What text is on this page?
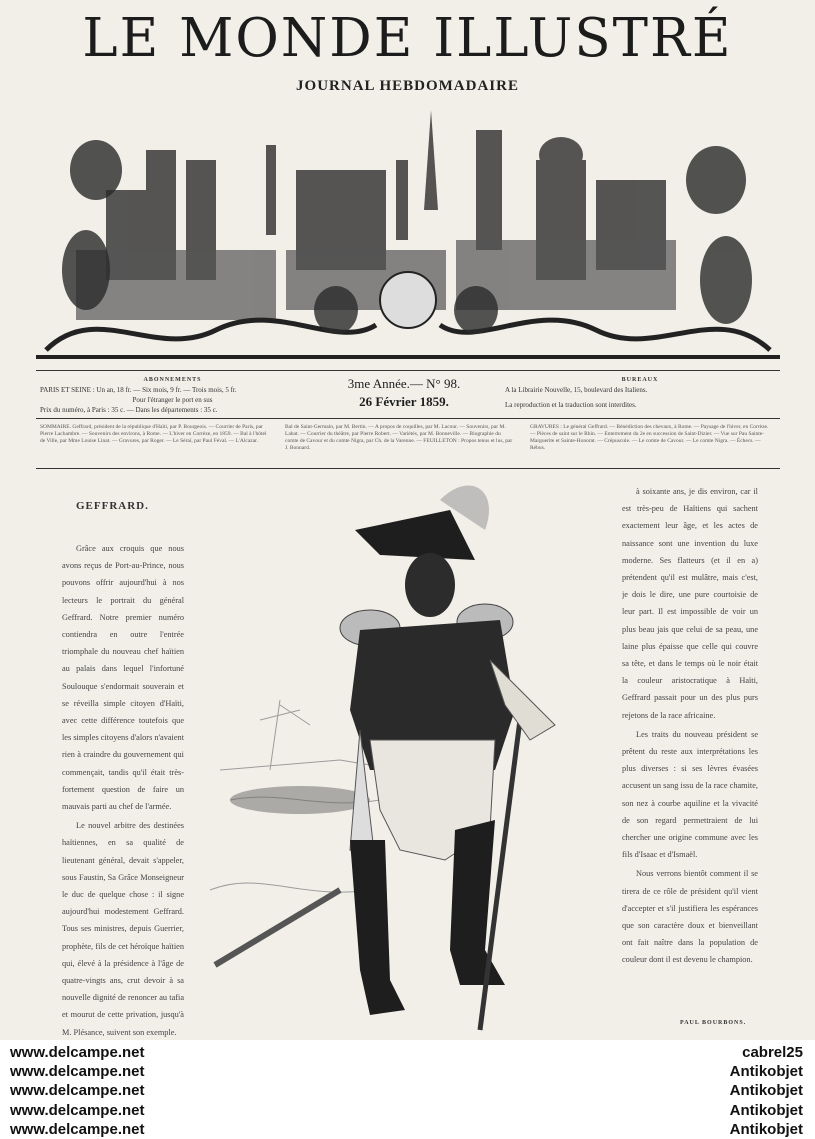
LE MONDE ILLUSTRÉ
JOURNAL HEBDOMADAIRE
ABONNEMENTS
PARIS ET SEINE : Un an, 18 fr. — Six mois, 9 fr. — Trois mois, 5 fr.
Pour l'étranger le port en sus
Prix du numéro, à Paris : 35 c. — Dans les départements : 35 c.
3me Année.— N° 98.
26 Février 1859.
BUREAUX
A la Librairie Nouvelle, 15, boulevard des Italiens.
La reproduction et la traduction sont interdites.
SOMMAIRE. Geffrard, président de la république d'Haïti, par P. Bourgeois. — Courrier de Paris, par Pierre Lachambre. — Souvenirs des environs, à Rome. — L'hiver en Corrèze, en 1859. — Bal à l'hôtel de Ville, par Mme Louise Linat. — Gravures, par Roger. — Le Séraï, par Paul Féval. — L'Alcazar.
Bal de Saint-Germain, par M. Bertin. — A propos de coquilles, par M. Lacour. — Souvenirs, par M. Labat. — Courrier du théâtre, par Pierre Robert. — Variétés, par M. Bonneville. — Biographie du comte de Cavour et du comte Nigra, par Ch. de la Varenne. — FEUILLETON : Propos tenus et lus, par J. Bonnard.
GRAVURES : Le général Geffrard. — Bénédiction des chevaux, à Rome. — Paysage de l'hiver, en Corrèze. — Pièces de saint sur le Rhin. — Enterrement du 2e en succession de Saint-Dizier. — Vue sur Pau Sainte-Marguerite et Sainte-Honorat. — Crépuscule. — Le comte de Cavour. — Le comte Nigra. — Échecs. — Rébus.
GEFFRARD.

Grâce aux croquis que nous avons reçus de Port-au-Prince, nous pouvons offrir aujourd'hui à nos lecteurs le portrait du général Geffrard. Notre premier numéro contiendra en outre l'entrée triomphale du nouveau chef haïtien au palais dans lequel l'infortuné Soulouque s'endormait souverain et se réveilla simple citoyen d'Haïti, avec cette différence toutefois que les simples citoyens d'alors n'avaient rien à craindre du gouvernement qui commençait, tandis qu'il était très-fortement question de faire un mauvais parti au chef de l'armée.

Le nouvel arbitre des destinées haïtiennes, en sa qualité de lieutenant général, devait s'appeler, sous Faustin, Sa Grâce Monseigneur le duc de quelque chose : il signe aujourd'hui modestement Geffrard. Tous ses ministres, depuis Guerrier, prophète, fils de cet héroïque haïtien qui, élevé à la présidence à l'âge de quatre-vingts ans, crut devoir à sa nouvelle dignité de renoncer au tafia et mourut de cette privation, jusqu'à M. Plésance, suivent son exemple.

à soixante ans, je dis environ, car il est très-peu de Haïtiens qui sachent exactement leur âge, et les actes de naissance sont une invention du luxe moderne. Ses flatteurs (et il en a) prétendent qu'il est mulâtre, mais c'est, je dois le dire, une pure courtoisie de leur part. Il est impossible de voir un plus beau jais que celui de sa peau, une laine plus épaisse que celle qui couvre sa tête, et dans le temps où le noir était la couleur aristocratique à Haïti, Geffrard passait pour un des plus purs rejetons de la race africaine.

Les traits du nouveau président se prêtent du reste aux interprétations les plus diverses : si ses lèvres évasées accusent un sang issu de la race chamite, son nez à courbe aquiline et la vivacité de son regard permettraient de lui chercher une origine commune avec les fils d'Isaac et d'Ismaël.

Nous verrons bientôt comment il se tirera de ce rôle de président qu'il vient d'accepter et s'il justifiera les espérances que son caractère doux et bienveillant ont fait naître dans la population de couleur dont il est devenu le champion.

PAUL BOURBONS.
www.delcampe.net
www.delcampe.net
www.delcampe.net
www.delcampe.net
www.delcampe.net
cabrel25
Antikobjet
Antikobjet
Antikobjet
Antikobjet
